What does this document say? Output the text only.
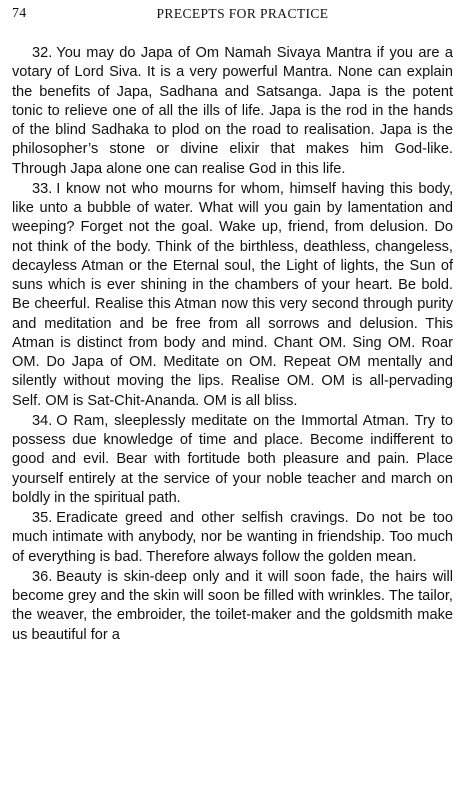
74	PRECEPTS FOR PRACTICE

32. You may do Japa of Om Namah Sivaya Mantra if you are a votary of Lord Siva. It is a very powerful Mantra. None can explain the benefits of Japa, Sadhana and Satsanga. Japa is the potent tonic to relieve one of all the ills of life. Japa is the rod in the hands of the blind Sadhaka to plod on the road to realisation. Japa is the philosopher’s stone or divine elixir that makes him God-like. Through Japa alone one can realise God in this life.

33. I know not who mourns for whom, himself having this body, like unto a bubble of water. What will you gain by lamentation and weeping? Forget not the goal. Wake up, friend, from delusion. Do not think of the body. Think of the birthless, deathless, changeless, decayless Atman or the Eternal soul, the Light of lights, the Sun of suns which is ever shining in the chambers of your heart. Be bold. Be cheerful. Realise this Atman now this very second through purity and meditation and be free from all sorrows and delusion. This Atman is distinct from body and mind. Chant OM. Sing OM. Roar OM. Do Japa of OM. Meditate on OM. Repeat OM mentally and silently without moving the lips. Realise OM. OM is all-pervading Self. OM is Sat-Chit-Ananda. OM is all bliss.

34. O Ram, sleeplessly meditate on the Immortal Atman. Try to possess due knowledge of time and place. Become indifferent to good and evil. Bear with fortitude both pleasure and pain. Place yourself entirely at the service of your noble teacher and march on boldly in the spiritual path.

35. Eradicate greed and other selfish cravings. Do not be too much intimate with anybody, nor be wanting in friendship. Too much of everything is bad. Therefore always follow the golden mean.

36. Beauty is skin-deep only and it will soon fade, the hairs will become grey and the skin will soon be filled with wrinkles. The tailor, the weaver, the embroider, the toilet-maker and the goldsmith make us beautiful for a
